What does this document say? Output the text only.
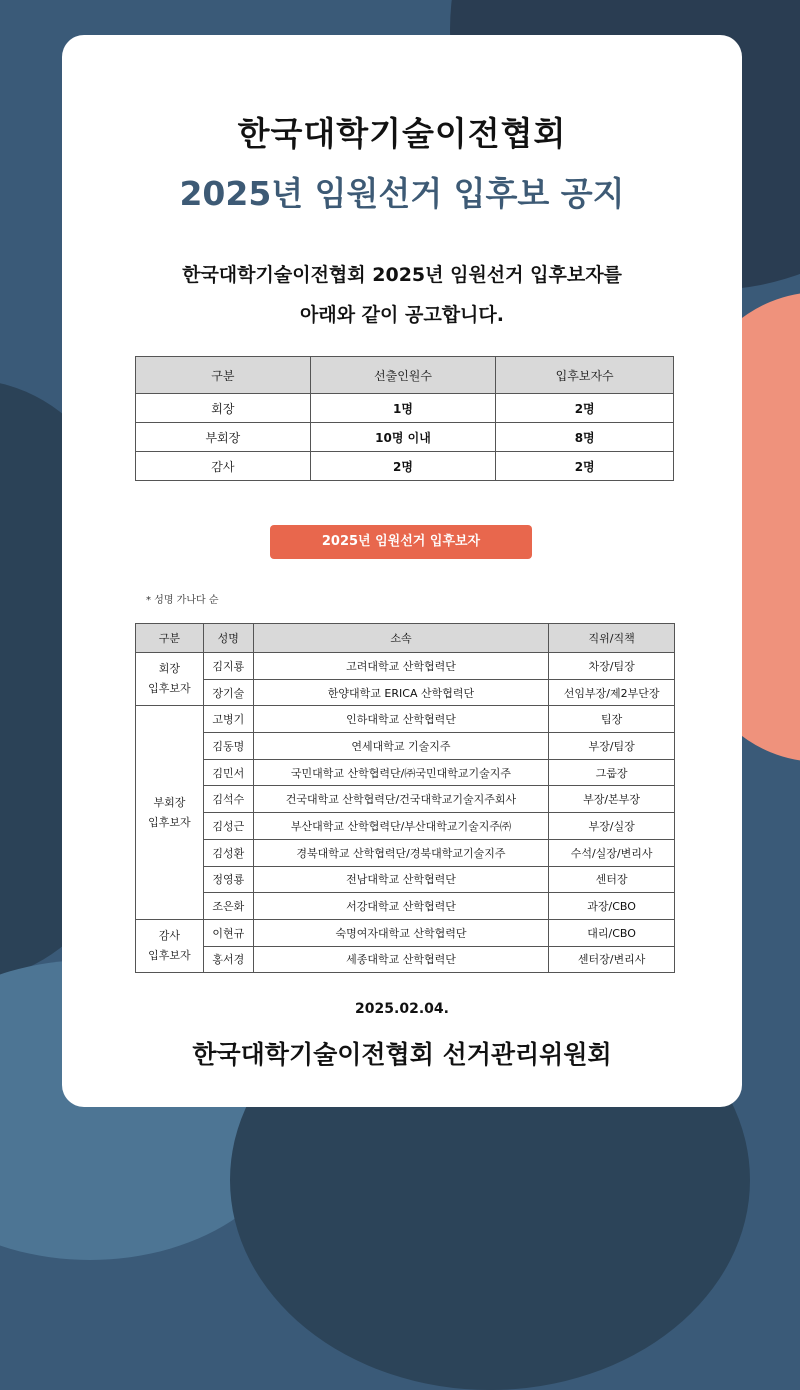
한국대학기술이전협회
2025년 임원선거 입후보 공지
한국대학기술이전협회 2025년 임원선거 입후보자를
아래와 같이 공고합니다.
구분	선출인원수	입후보자수
회장	1명	2명
부회장	10명 이내	8명
감사	2명	2명
2025년 임원선거 입후보자
* 성명 가나다 순
구분	성명	소속	직위/직책

회장
입후보자	김지룡	고려대학교 산학협력단	차장/팀장
	장기술	한양대학교 ERICA 산학협력단	선임부장/제2부단장

부회장
입후보자	고병기	인하대학교 산학협력단	팀장
	김동명	연세대학교 기술지주	부장/팀장
	김민서	국민대학교 산학협력단/㈜국민대학교기술지주	그룹장
	김석수	건국대학교 산학협력단/건국대학교기술지주회사	부장/본부장
	김성근	부산대학교 산학협력단/부산대학교기술지주㈜	부장/실장
	김성환	경북대학교 산학협력단/경북대학교기술지주	수석/실장/변리사
	정영룡	전남대학교 산학협력단	센터장
	조은화	서강대학교 산학협력단	과장/CBO

감사
입후보자	이현규	숙명여자대학교 산학협력단	대리/CBO
	홍서경	세종대학교 산학협력단	센터장/변리사
2025.02.04.
한국대학기술이전협회 선거관리위원회
